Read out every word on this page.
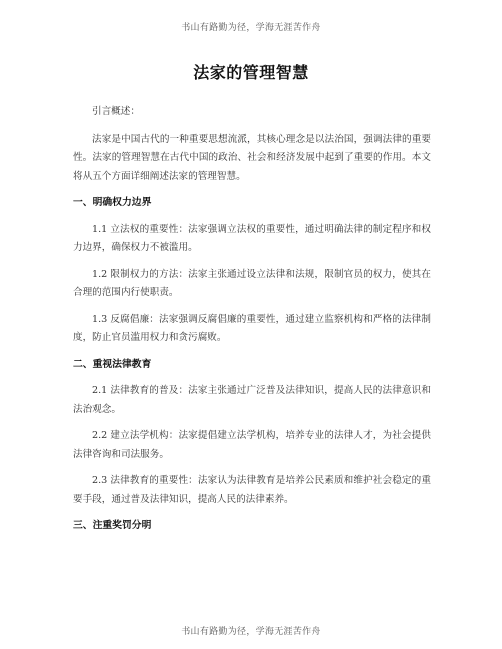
书山有路勤为径，学海无涯苦作舟
法家的管理智慧

引言概述：

法家是中国古代的一种重要思想流派，其核心理念是以法治国，强调法律的重要性。法家的管理智慧在古代中国的政治、社会和经济发展中起到了重要的作用。本文将从五个方面详细阐述法家的管理智慧。

一、明确权力边界

1.1 立法权的重要性：法家强调立法权的重要性，通过明确法律的制定程序和权力边界，确保权力不被滥用。

1.2 限制权力的方法：法家主张通过设立法律和法规，限制官员的权力，使其在合理的范围内行使职责。

1.3 反腐倡廉：法家强调反腐倡廉的重要性，通过建立监察机构和严格的法律制度，防止官员滥用权力和贪污腐败。

二、重视法律教育

2.1 法律教育的普及：法家主张通过广泛普及法律知识，提高人民的法律意识和法治观念。

2.2 建立法学机构：法家提倡建立法学机构，培养专业的法律人才，为社会提供法律咨询和司法服务。

2.3 法律教育的重要性：法家认为法律教育是培养公民素质和维护社会稳定的重要手段，通过普及法律知识，提高人民的法律素养。

三、注重奖罚分明
书山有路勤为径，学海无涯苦作舟
